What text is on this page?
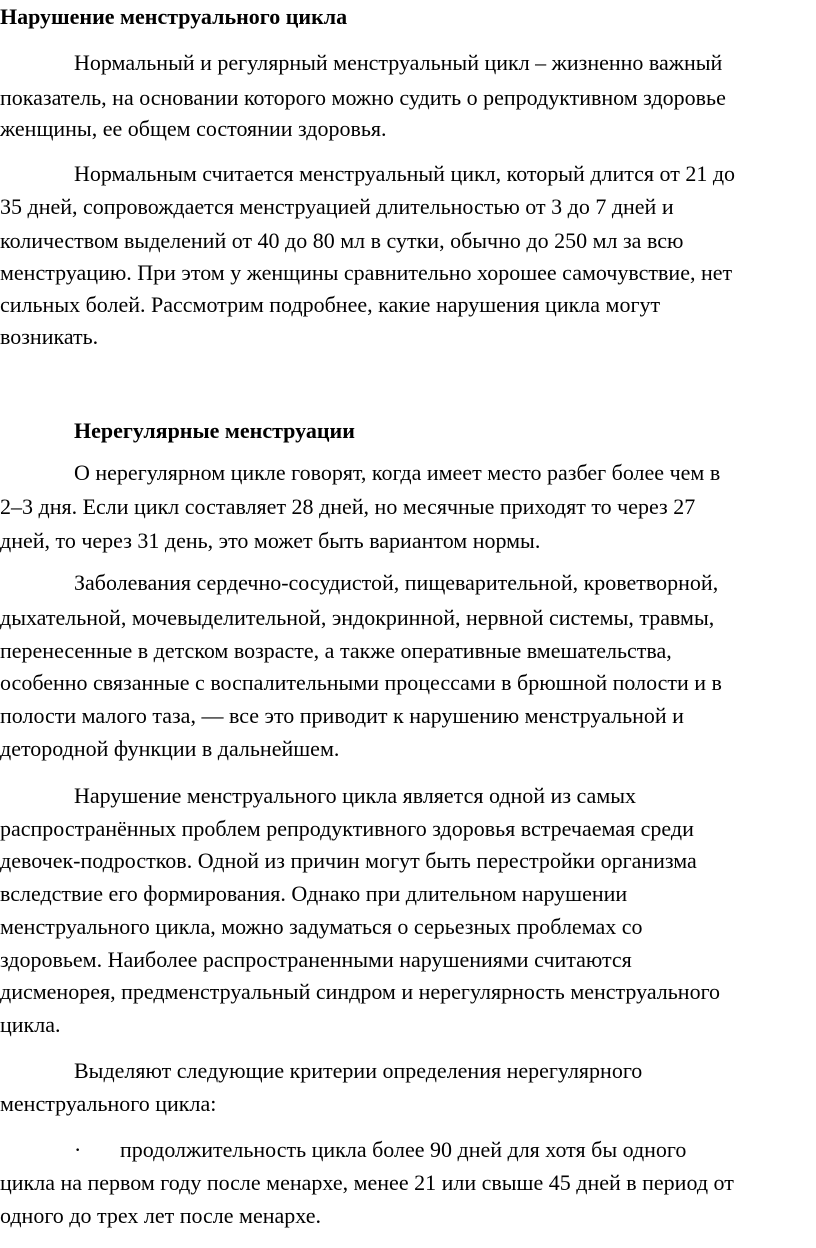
Нарушение менструального цикла
Нормальный и регулярный менструальный цикл – жизненно важный
показатель, на основании которого можно судить о репродуктивном здоровье
женщины, ее общем состоянии здоровья.
Нормальным считается менструальный цикл, который длится от 21 до
35 дней, сопровождается менструацией длительностью от 3 до 7 дней и
количеством выделений от 40 до 80 мл в сутки, обычно до 250 мл за всю
менструацию. При этом у женщины сравнительно хорошее самочувствие, нет
сильных болей. Рассмотрим подробнее, какие нарушения цикла могут
возникать.
Нерегулярные менструации
О нерегулярном цикле говорят, когда имеет место разбег более чем в
2–3 дня. Если цикл составляет 28 дней, но месячные приходят то через 27
дней, то через 31 день, это может быть вариантом нормы.
Заболевания сердечно-сосудистой, пищеварительной, кроветворной,
дыхательной, мочевыделительной, эндокринной, нервной системы, травмы,
перенесенные в детском возрасте, а также оперативные вмешательства,
особенно связанные с воспалительными процессами в брюшной полости и в
полости малого таза, — все это приводит к нарушению менструальной и
детородной функции в дальнейшем.
Нарушение менструального цикла является одной из самых
распространённых проблем репродуктивного здоровья встречаемая среди
девочек-подростков. Одной из причин могут быть перестройки организма
вследствие его формирования. Однако при длительном нарушении
менструального цикла, можно задуматься о серьезных проблемах со
здоровьем. Наиболее распространенными нарушениями считаются
дисменорея, предменструальный синдром и нерегулярность менструального
цикла.
Выделяют следующие критерии определения нерегулярного
менструального цикла:
· продолжительность цикла более 90 дней для хотя бы одного
цикла на первом году после менархе, менее 21 или свыше 45 дней в период от
одного до трех лет после менархе.
